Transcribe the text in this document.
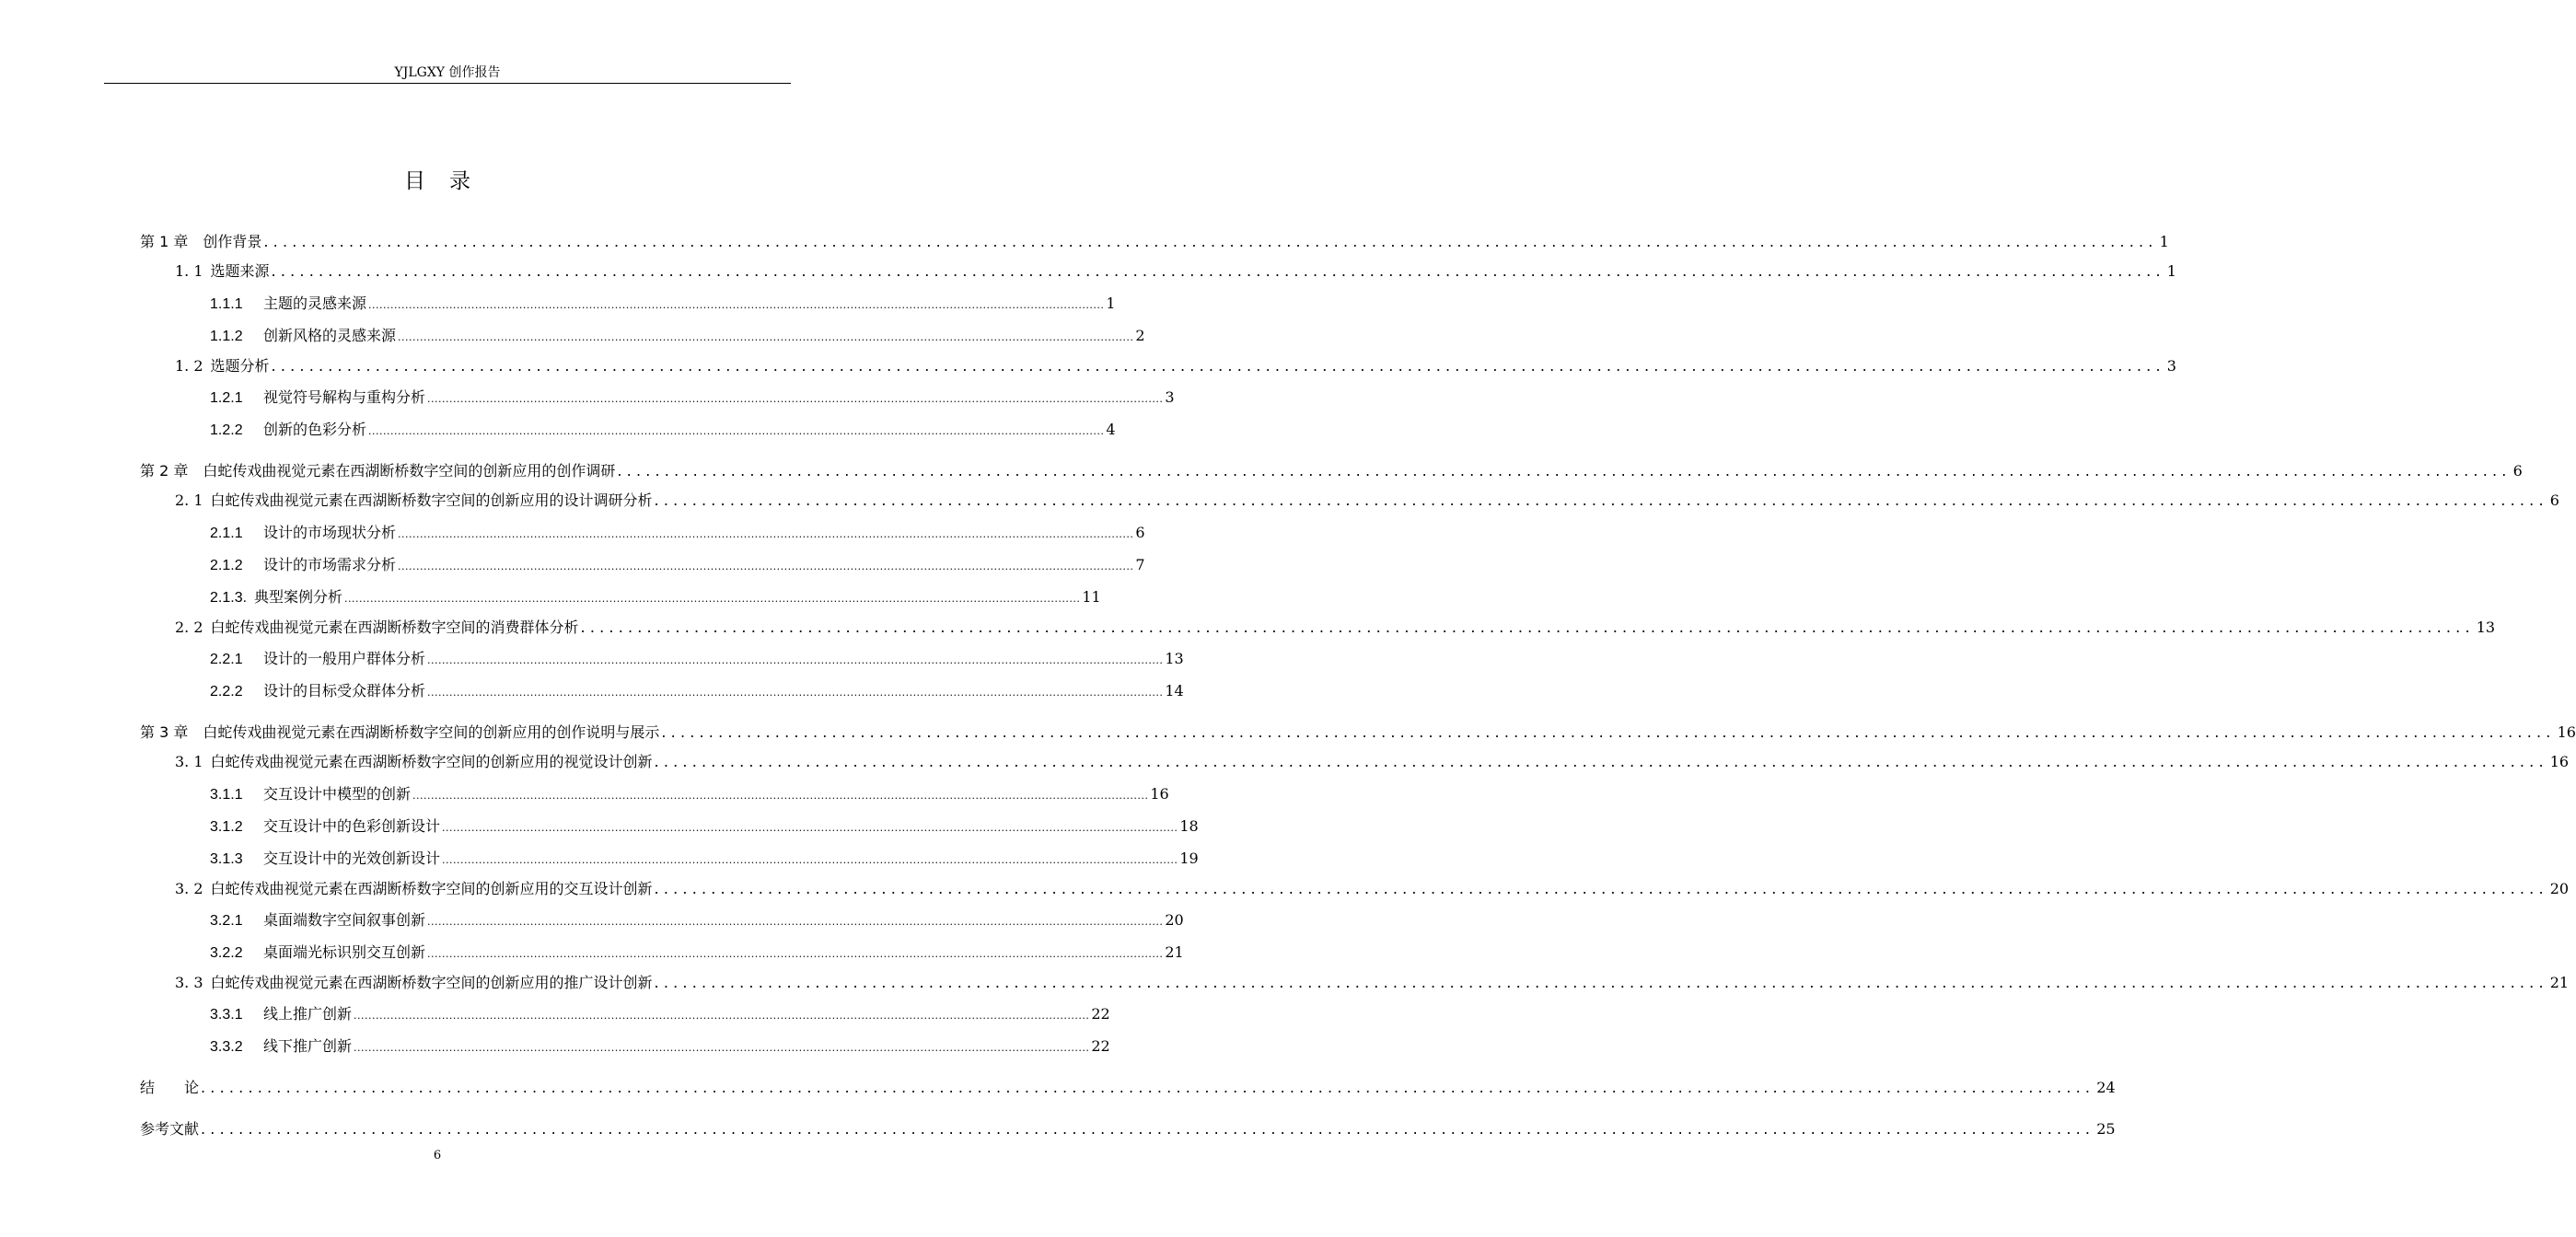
YJLGXY 创作报告
目录
第 1 章 创作背景 ........................................................................................................................................................................................................ 1
1. 1 选题来源 ........................................................................................................................................................................................................ 1
1.1.1	主题的灵感来源 ........................................................................................................................................................................................................ 1
1.1.2	创新风格的灵感来源 ........................................................................................................................................................................................................ 2
1. 2 选题分析 ........................................................................................................................................................................................................ 3
1.2.1	视觉符号解构与重构分析 ........................................................................................................................................................................................................ 3
1.2.2	创新的色彩分析 ........................................................................................................................................................................................................ 4
第 2 章 白蛇传戏曲视觉元素在西湖断桥数字空间的创新应用的创作调研 ........................................................................................................................................................................................................ 6
2. 1 白蛇传戏曲视觉元素在西湖断桥数字空间的创新应用的设计调研分析 ........................................................................................................................................................................................................ 6
2.1.1	设计的市场现状分析 ........................................................................................................................................................................................................ 6
2.1.2	设计的市场需求分析 ........................................................................................................................................................................................................ 7
2.1.3. 典型案例分析 ........................................................................................................................................................................................................ 11
2. 2 白蛇传戏曲视觉元素在西湖断桥数字空间的消费群体分析 ........................................................................................................................................................................................................ 13
2.2.1	设计的一般用户群体分析 ........................................................................................................................................................................................................ 13
2.2.2	设计的目标受众群体分析 ........................................................................................................................................................................................................ 14
第 3 章 白蛇传戏曲视觉元素在西湖断桥数字空间的创新应用的创作说明与展示 ........................................................................................................................................................................................................ 16
3. 1 白蛇传戏曲视觉元素在西湖断桥数字空间的创新应用的视觉设计创新 ........................................................................................................................................................................................................ 16
3.1.1	交互设计中模型的创新 ........................................................................................................................................................................................................ 16
3.1.2	交互设计中的色彩创新设计 ........................................................................................................................................................................................................ 18
3.1.3	交互设计中的光效创新设计 ........................................................................................................................................................................................................ 19
3. 2 白蛇传戏曲视觉元素在西湖断桥数字空间的创新应用的交互设计创新 ........................................................................................................................................................................................................ 20
3.2.1	桌面端数字空间叙事创新 ........................................................................................................................................................................................................ 20
3.2.2	桌面端光标识别交互创新 ........................................................................................................................................................................................................ 21
3. 3 白蛇传戏曲视觉元素在西湖断桥数字空间的创新应用的推广设计创新 ........................................................................................................................................................................................................ 21
3.3.1	线上推广创新 ........................................................................................................................................................................................................ 22
3.3.2	线下推广创新 ........................................................................................................................................................................................................ 22
结　　论 ........................................................................................................................................................................................................ 24
参考文献 ........................................................................................................................................................................................................ 25
6
